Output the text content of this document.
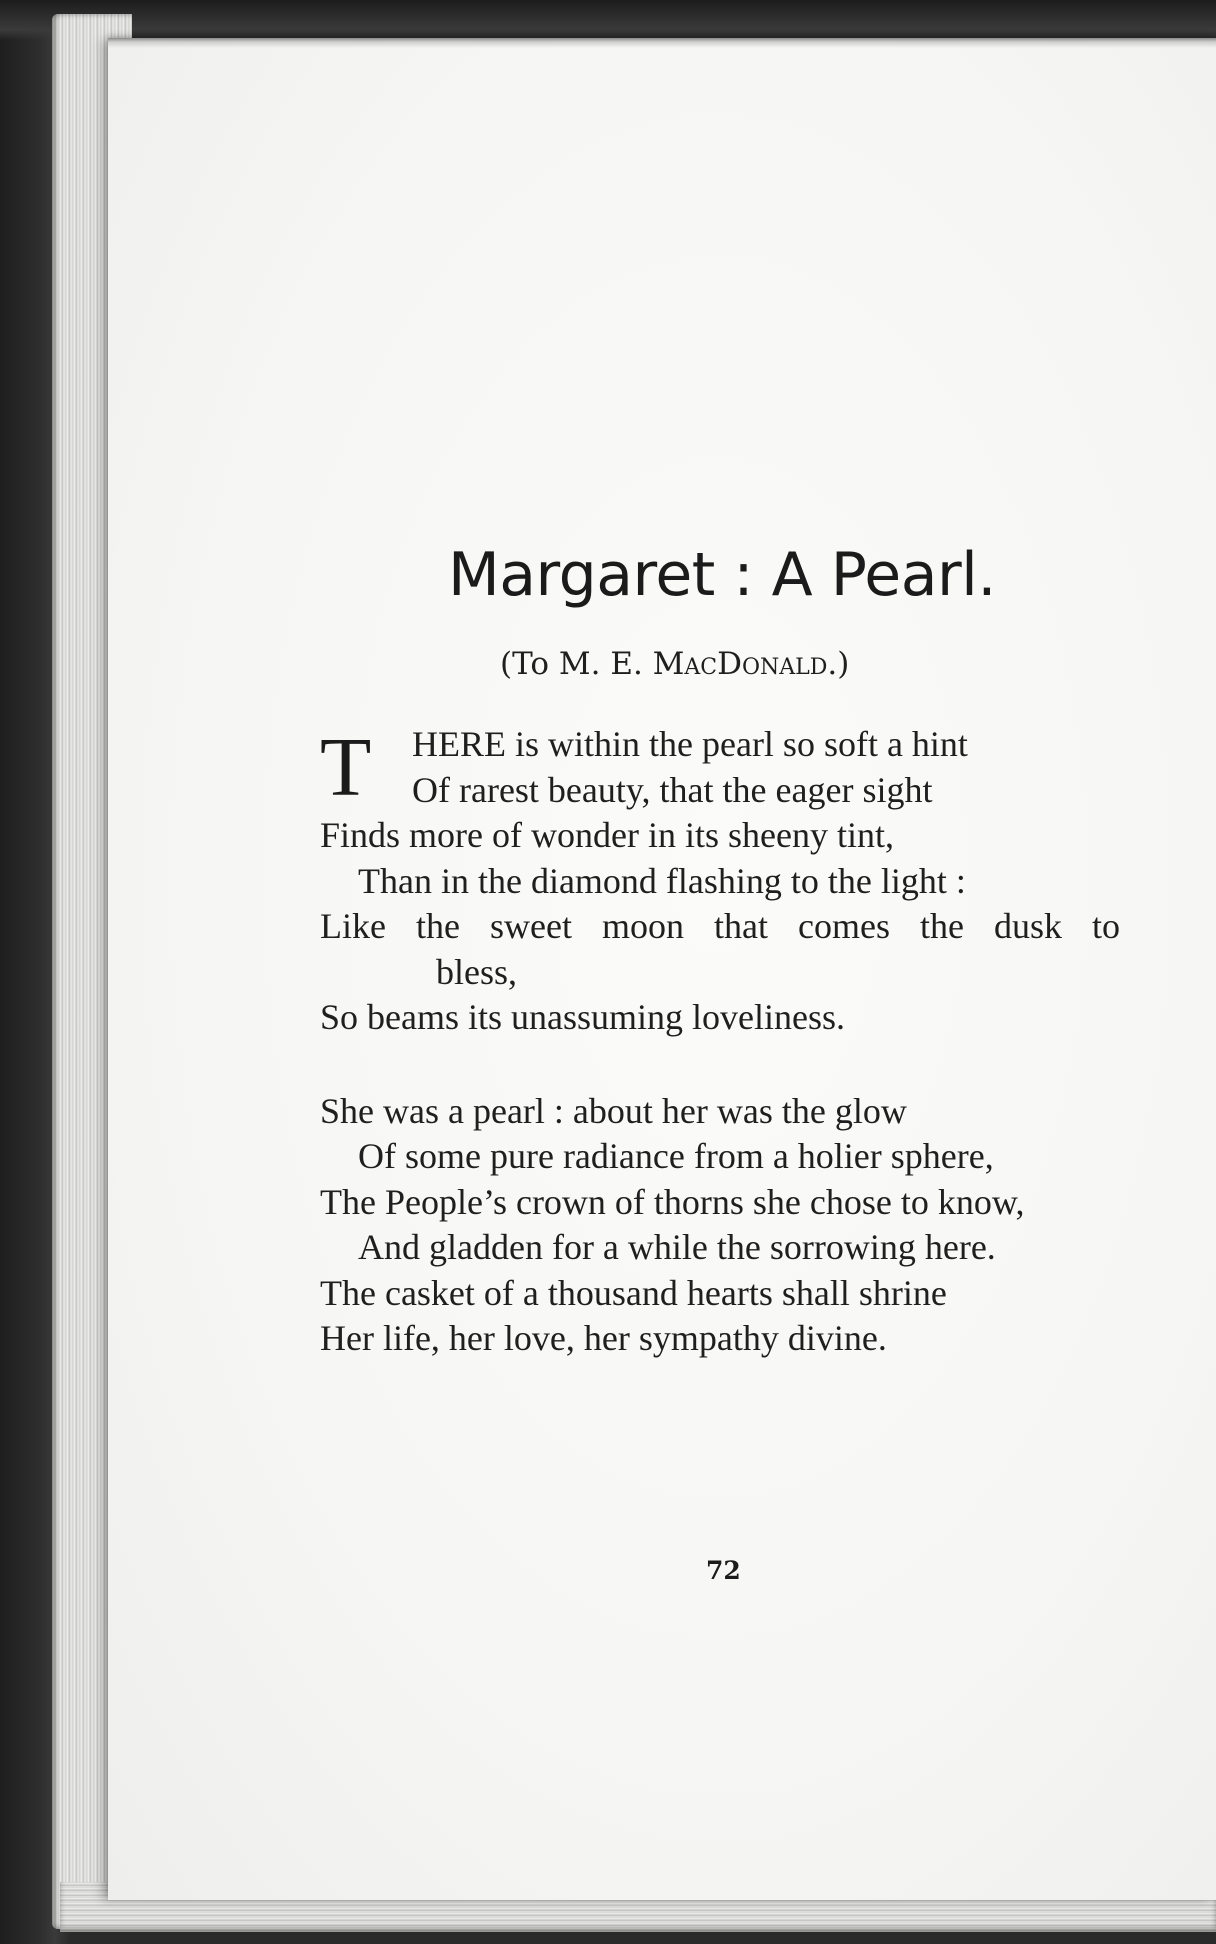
Margaret : A Pearl.
(To M. E. MacDonald.)
T	HERE is within the pearl so soft a hint
Of rarest beauty, that the eager sight
Finds more of wonder in its sheeny tint,
Than in the diamond flashing to the light :
Like the sweet moon that comes the dusk to
bless,
So beams its unassuming loveliness.
She was a pearl : about her was the glow
Of some pure radiance from a holier sphere,
The People’s crown of thorns she chose to know,
And gladden for a while the sorrowing here.
The casket of a thousand hearts shall shrine
Her life, her love, her sympathy divine.
72
